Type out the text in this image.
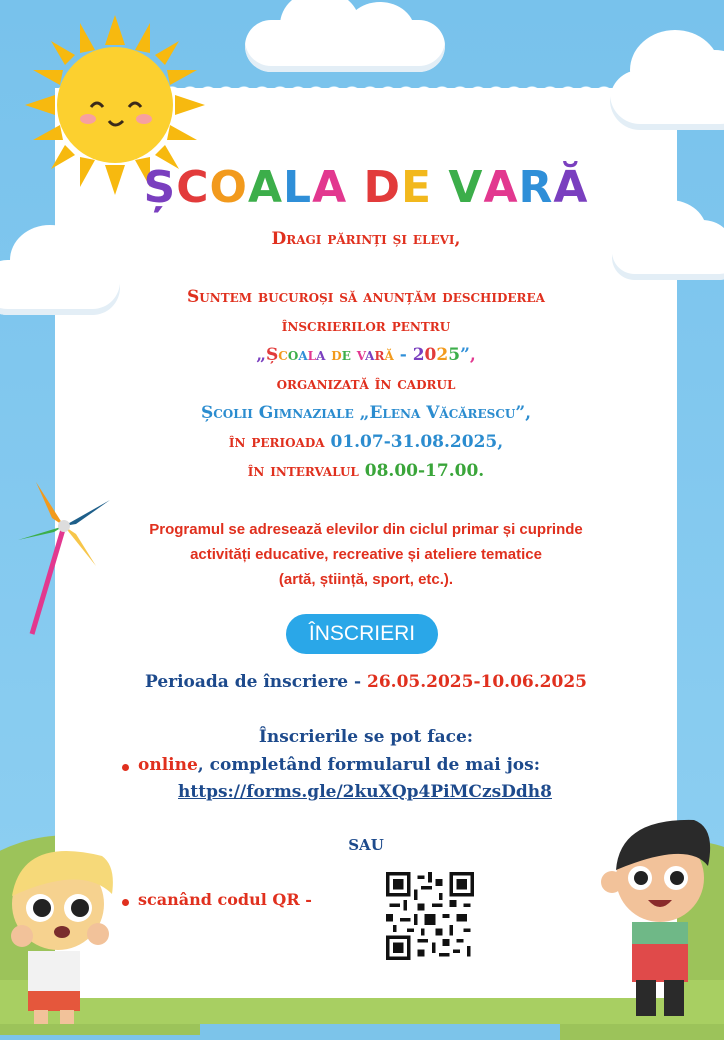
ȘCOALA DE VARĂ
Dragi părinți și elevi,
Suntem bucuroși să anunțăm deschiderea
înscrierilor pentru
„Școala de vară - 2025”,
organizată în cadrul
Școlii Gimnaziale „Elena Văcărescu”,
în perioada 01.07-31.08.2025,
în intervalul 08.00-17.00.
Programul se adresează elevilor din ciclul primar și cuprinde
activități educative, recreative și ateliere tematice
(artă, știință, sport, etc.).
ÎNSCRIERI
Perioada de înscriere - 26.05.2025-10.06.2025
Înscrierile se pot face:
online, completând formularul de mai jos:
https://forms.gle/2kuXQp4PiMCzsDdh8
SAU
scanând codul QR -
